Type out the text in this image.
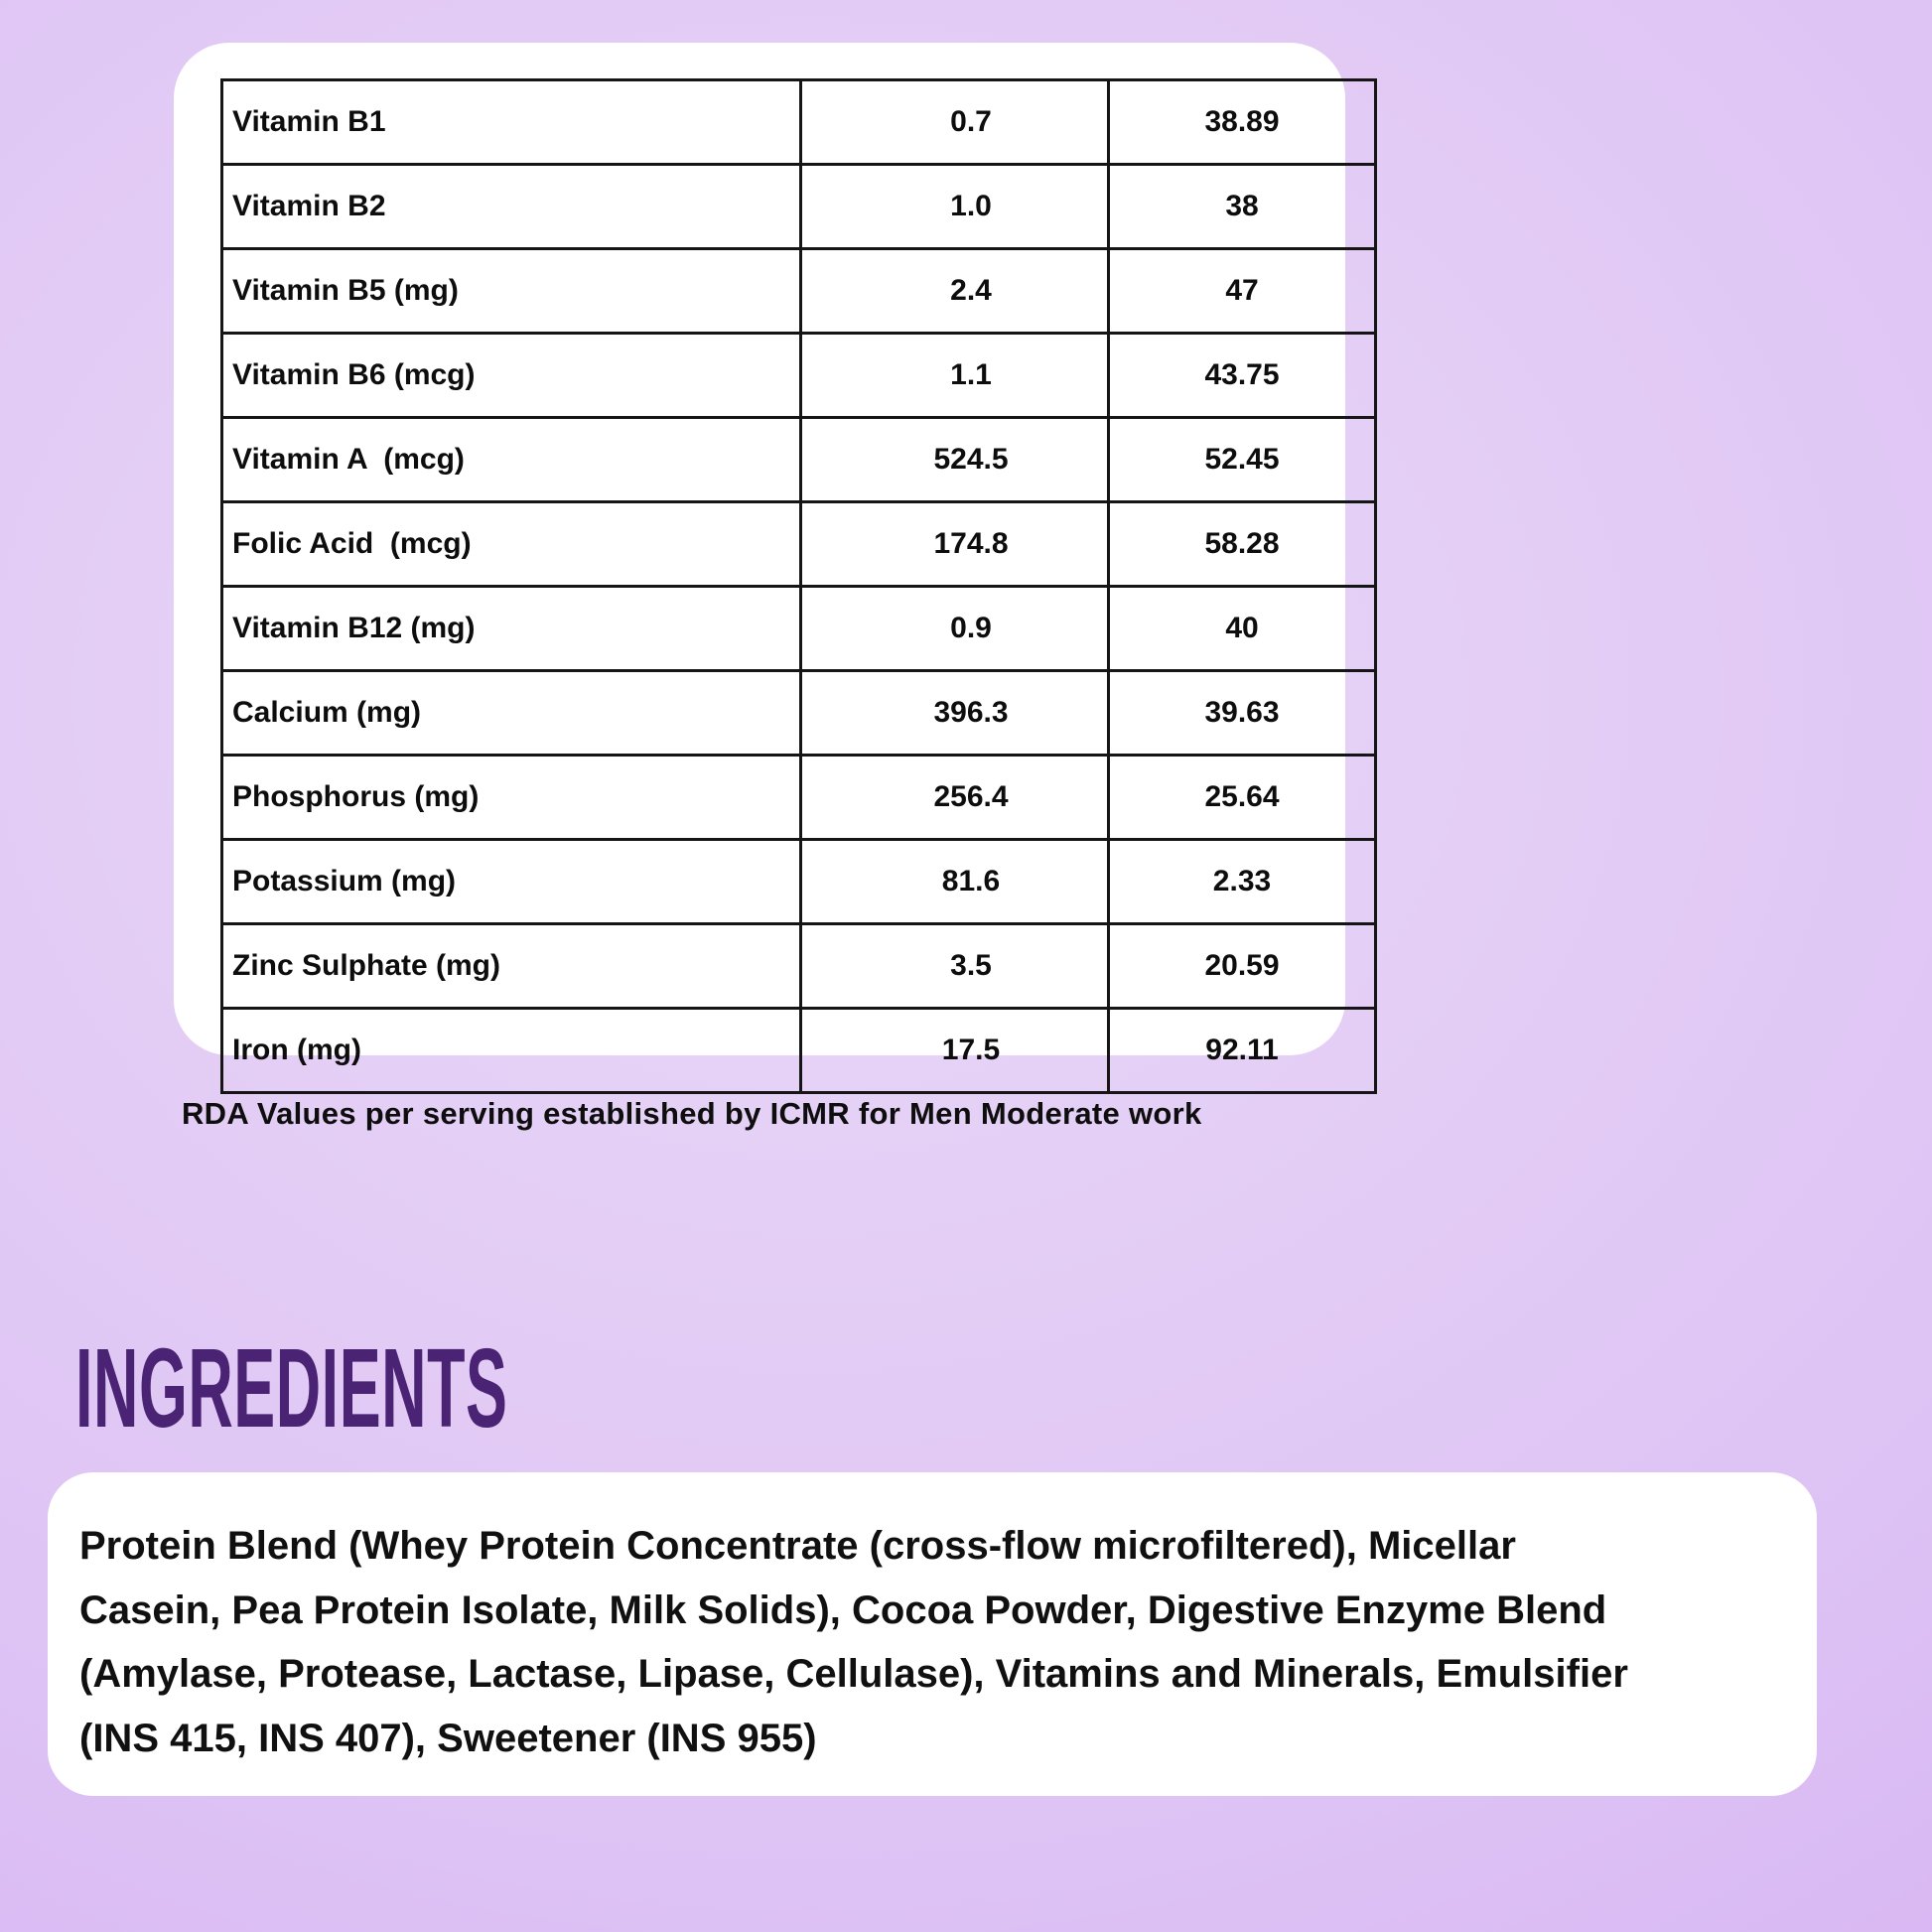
Vitamin B1	0.7	38.89
Vitamin B2	1.0	38
Vitamin B5 (mg)	2.4	47
Vitamin B6 (mcg)	1.1	43.75
Vitamin A  (mcg)	524.5	52.45
Folic Acid  (mcg)	174.8	58.28
Vitamin B12 (mg)	0.9	40
Calcium (mg)	396.3	39.63
Phosphorus (mg)	256.4	25.64
Potassium (mg)	81.6	2.33
Zinc Sulphate (mg)	3.5	20.59
Iron (mg)	17.5	92.11
RDA Values per serving established by ICMR for Men Moderate work
INGREDIENTS
Protein Blend (Whey Protein Concentrate (cross-flow microfiltered), Micellar
Casein, Pea Protein Isolate, Milk Solids), Cocoa Powder, Digestive Enzyme Blend
(Amylase, Protease, Lactase, Lipase, Cellulase), Vitamins and Minerals, Emulsifier
(INS 415, INS 407), Sweetener (INS 955)
